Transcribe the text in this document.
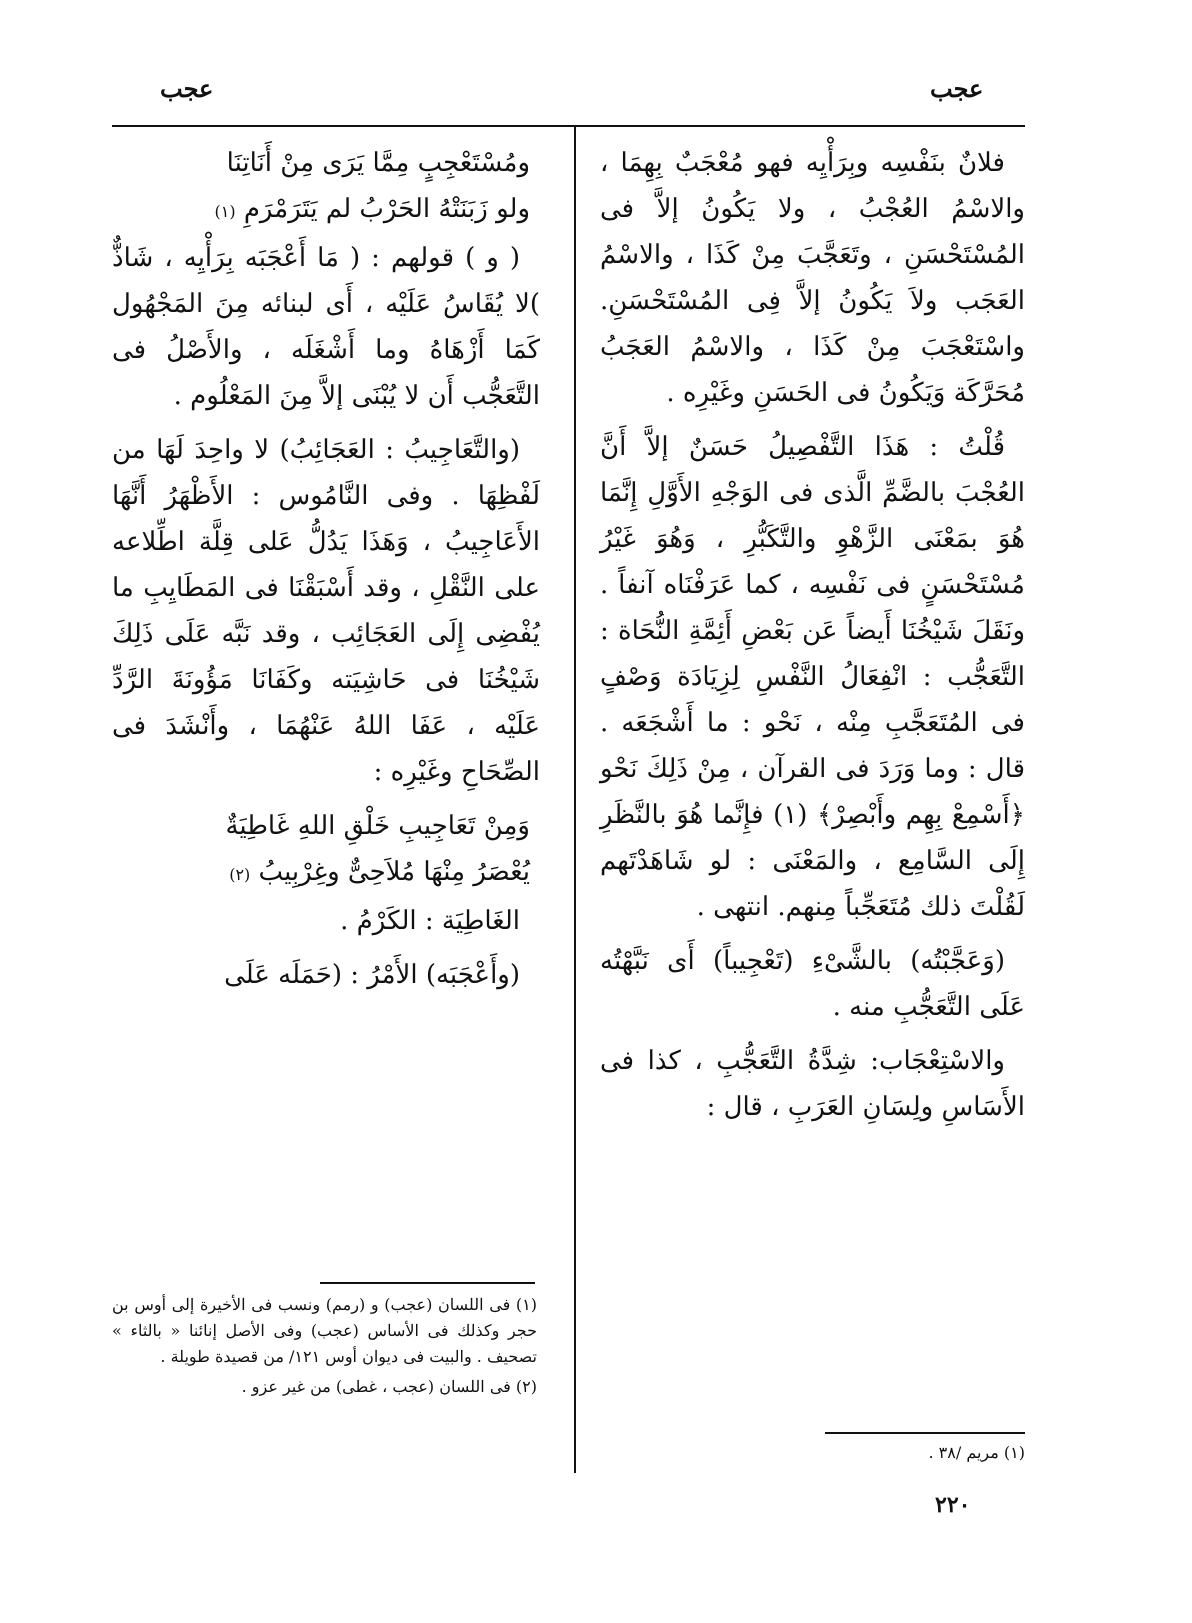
عجب
عجب

فلانٌ بنَفْسِه وبِرَأْيِه فهو مُعْجَبٌ بِهِمَا ، والاسْمُ العُجْبُ ، ولا يَكُونُ إلاَّ فى المُسْتَحْسَنِ ، وتَعَجَّبَ مِنْ كَذَا ، والاسْمُ العَجَب ولاَ يَكُونُ إلاَّ فِى المُسْتَحْسَنِ. واسْتَعْجَبَ مِنْ كَذَا ، والاسْمُ العَجَبُ مُحَرَّكَة وَيَكُونُ فى الحَسَنِ وغَيْرِه .

قُلْتُ : هَذَا التَّفْصِيلُ حَسَنٌ إلاَّ أَنَّ العُجْبَ بالضَّمِّ الَّذى فى الوَجْهِ الأَوَّلِ إِنَّمَا هُوَ بمَعْنَى الزَّهْوِ والتَّكَبُّرِ ، وَهُوَ غَيْرُ مُسْتَحْسَنٍ فى نَفْسِه ، كما عَرَفْنَاه آنفاً . ونَقَلَ شَيْخُنَا أَيضاً عَن بَعْضِ أَئِمَّةِ النُّحَاة : التَّعَجُّب : انْفِعَالُ النَّفْسِ لِزِيَادَة وَصْفٍ فى المُتَعَجَّبِ مِنْه ، نَحْو : ما أَشْجَعَه . قال : وما وَرَدَ فى القرآن ، مِنْ ذَلِكَ نَحْو ﴿أَسْمِعْ بِهِم وأَبْصِرْ﴾ (١) فإِنَّما هُوَ بالنَّظَرِ إِلَى السَّامِع ، والمَعْنَى : لو شَاهَدْتَهم لَقُلْتَ ذلك مُتَعَجِّباً مِنهم. انتهى .

(وَعَجَّبْتُه) بالشَّىْءِ (تَعْجِيباً) أَى نَبَّهْتُه عَلَى التَّعَجُّبِ منه .

والاسْتِعْجَاب: شِدَّةُ التَّعَجُّبِ ، كذا فى الأَسَاسِ ولِسَانِ العَرَبِ ، قال :

ومُسْتَعْجِبٍ مِمَّا يَرَى مِنْ أَنَاتِنَا

ولو زَبَنَتْهُ الحَرْبُ لم يَتَرَمْرَمِ (١)

( و ) قولهم : ( مَا أَعْجَبَه بِرَأْيِه ، شَاذٌّ )لا يُقَاسُ عَلَيْه ، أَى لبنائه مِنَ المَجْهُول كَمَا أَزْهَاهُ وما أَشْغَلَه ، والأَصْلُ فى التَّعَجُّب أَن لا يُبْنَى إلاَّ مِنَ المَعْلُوم .

(والتَّعَاجِيبُ : العَجَائِبُ) لا واحِدَ لَهَا من لَفْظِهَا . وفى النَّامُوس : الأَظْهَرُ أَنَّهَا الأَعَاجِيبُ ، وَهَذَا يَدُلُّ عَلى قِلَّة اطِّلاعه على النَّقْلِ ، وقد أَسْبَقْنَا فى المَطَايِبِ ما يُفْضِى إِلَى العَجَائِب ، وقد نَبَّه عَلَى ذَلِكَ شَيْخُنَا فى حَاشِيَته وكَفَانَا مَؤُونَةَ الرَّدِّ عَلَيْه ، عَفَا اللهُ عَنْهُمَا ، وأَنْشَدَ فى الصِّحَاحِ وغَيْرِه :

وَمِنْ تَعَاجِيبِ خَلْقِ اللهِ غَاطِيَةٌ

يُعْصَرُ مِنْهَا مُلاَحِىٌّ وغِرْبِيبُ (٢)

الغَاطِيَة : الكَرْمُ .

(وأَعْجَبَه) الأَمْرُ : (حَمَلَه عَلَى

(١) فى اللسان (عجب) و (رمم) ونسب فى الأخيرة إلى أوس بن حجر وكذلك فى الأساس (عجب) وفى الأصل إنائنا « بالثاء » تصحيف . والبيت فى ديوان أوس ١٢١/ من قصيدة طويلة .

(٢) فى اللسان (عجب ، غطى) من غير عزو .

(١) مريم /٣٨ .

٢٢٠
